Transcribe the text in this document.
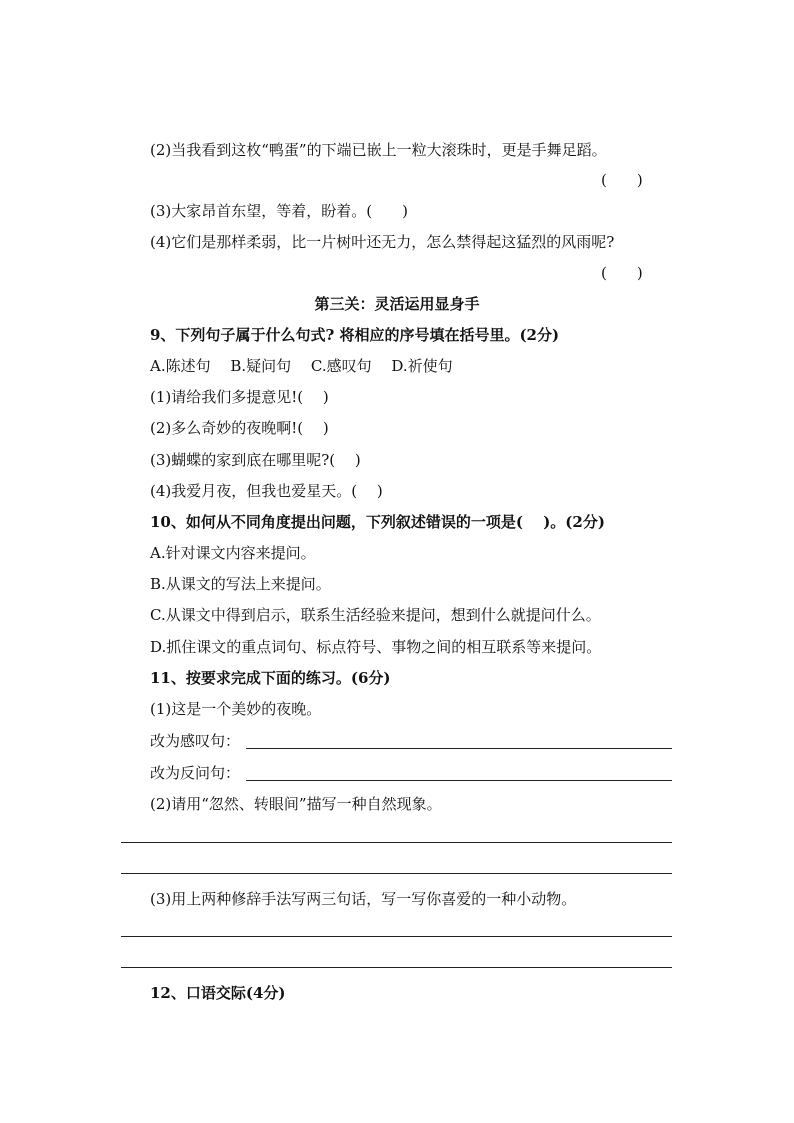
(2)当我看到这枚“鸭蛋”的下端已嵌上一粒大滚珠时，更是手舞足蹈。
(　　)
(3)大家昂首东望，等着，盼着。(　　)
(4)它们是那样柔弱，比一片树叶还无力，怎么禁得起这猛烈的风雨呢?
(　　)
第三关：灵活运用显身手
9、下列句子属于什么句式? 将相应的序号填在括号里。(2分)
A.陈述句　 B.疑问句　 C.感叹句　 D.祈使句
(1)请给我们多提意见!(　 )
(2)多么奇妙的夜晚啊!(　 )
(3)蝴蝶的家到底在哪里呢?(　 )
(4)我爱月夜，但我也爱星天。(　 )
10、如何从不同角度提出问题，下列叙述错误的一项是(　 )。(2分)
A.针对课文内容来提问。
B.从课文的写法上来提问。
C.从课文中得到启示，联系生活经验来提问，想到什么就提问什么。
D.抓住课文的重点词句、标点符号、事物之间的相互联系等来提问。
11、按要求完成下面的练习。(6分)
(1)这是一个美妙的夜晚。
改为感叹句：
改为反问句：
(2)请用“忽然、转眼间”描写一种自然现象。
(3)用上两种修辞手法写两三句话，写一写你喜爱的一种小动物。
12、口语交际(4分)
